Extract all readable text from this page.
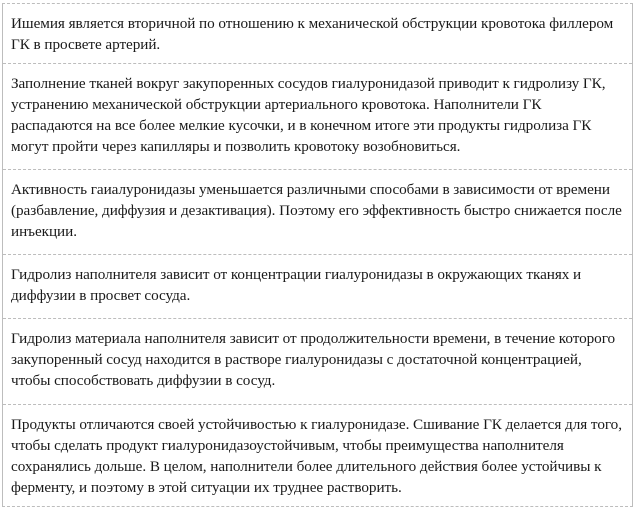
Ишемия является вторичной по отношению к механической обструкции кровотока филлером ГК в просвете артерий.

Заполнение тканей вокруг закупоренных сосудов гиалуронидазой приводит к гидролизу ГК, устранению механической обструкции артериального кровотока. Наполнители ГК распадаются на все более мелкие кусочки, и в конечном итоге эти продукты гидролиза ГК могут пройти через капилляры и позволить кровотоку возобновиться.

Активность гаиалуронидазы уменьшается различными способами в зависимости от времени (разбавление, диффузия и дезактивация). Поэтому его эффективность быстро снижается после инъекции.

Гидролиз наполнителя зависит от концентрации гиалуронидазы в окружающих тканях и диффузии в просвет сосуда.

Гидролиз материала наполнителя зависит от продолжительности времени, в течение которого закупоренный сосуд находится в растворе гиалуронидазы с достаточной концентрацией, чтобы способствовать диффузии в сосуд.

Продукты отличаются своей устойчивостью к гиалуронидазе. Сшивание ГК делается для того, чтобы сделать продукт гиалуронидазоустойчивым, чтобы преимущества наполнителя сохранялись дольше. В целом, наполнители более длительного действия более устойчивы к ферменту, и поэтому в этой ситуации их труднее растворить.
